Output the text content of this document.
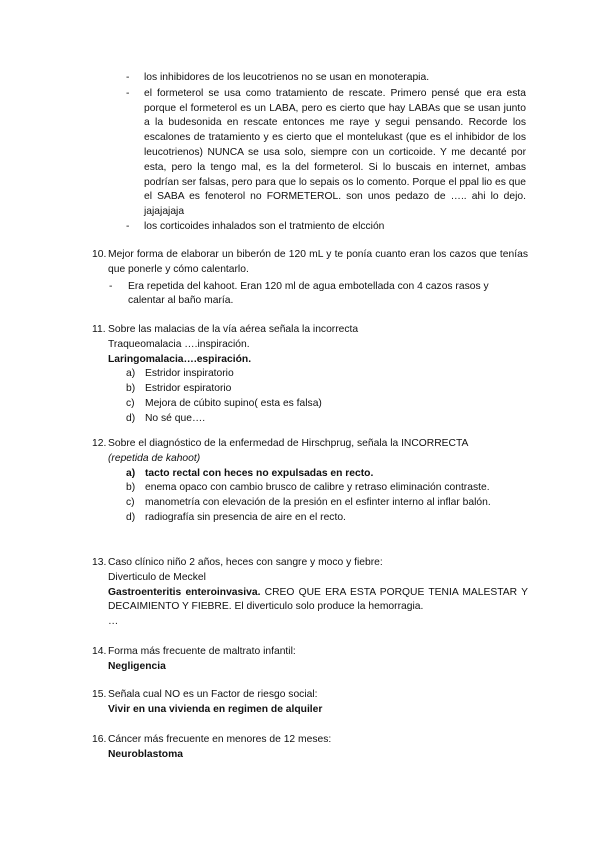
- los inhibidores de los leucotrienos no se usan en monoterapia.
- el formeterol se usa como tratamiento de rescate. Primero pensé que era esta porque el formeterol es un LABA, pero es cierto que hay LABAs que se usan junto a la budesonida en rescate entonces me raye y segui pensando. Recorde los escalones de tratamiento y es cierto que el montelukast (que es el inhibidor de los leucotrienos) NUNCA se usa solo, siempre con un corticoide. Y me decanté por esta, pero la tengo mal, es la del formeterol. Si lo buscais en internet, ambas podrían ser falsas, pero para que lo sepais os lo comento. Porque el ppal lio es que el SABA es fenoterol no FORMETEROL. son unos pedazo de ….. ahi lo dejo. jajajajaja
- los corticoides inhalados son el tratmiento de elcción
10. Mejor forma de elaborar un biberón de 120 mL y te ponía cuanto eran los cazos que tenías que ponerle y cómo calentarlo.
- Era repetida del kahoot. Eran 120 ml de agua embotellada con 4 cazos rasos y calentar al baño maría.
11. Sobre las malacias de la vía aérea señala la incorrecta
Traqueomalacia ….inspiración.
Laringomalacia….espiración.
a) Estridor inspiratorio
b) Estridor espiratorio
c) Mejora de cúbito supino( esta es falsa)
d) No sé que….
12. Sobre el diagnóstico de la enfermedad de Hirschprug, señala la INCORRECTA
(repetida de kahoot)
a) tacto rectal con heces no expulsadas en recto.
b) enema opaco con cambio brusco de calibre y retraso eliminación contraste.
c) manometría con elevación de la presión en el esfinter interno al inflar balón.
d) radiografía sin presencia de aire en el recto.
13. Caso clínico niño 2 años, heces con sangre y moco y fiebre:
Diverticulo de Meckel
Gastroenteritis enteroinvasiva. CREO QUE ERA ESTA PORQUE TENIA MALESTAR Y DECAIMIENTO Y FIEBRE. El diverticulo solo produce la hemorragia.
…
14. Forma más frecuente de maltrato infantil:
Negligencia
15. Señala cual NO es un Factor de riesgo social:
Vivir en una vivienda en regimen de alquiler
16. Cáncer más frecuente en menores de 12 meses:
Neuroblastoma
